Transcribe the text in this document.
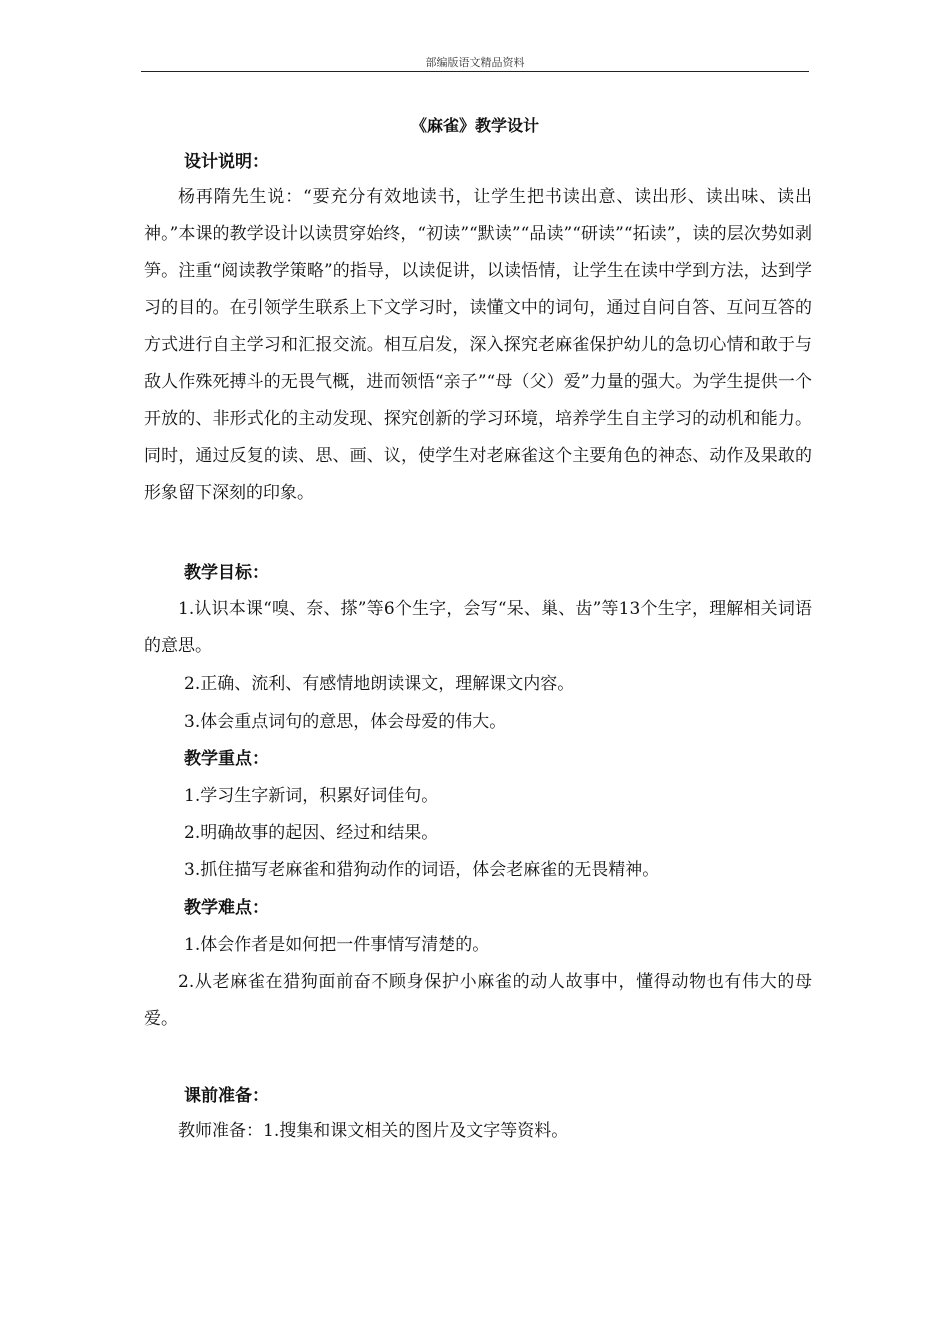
部编版语文精品资料
《麻雀》教学设计
设计说明：

杨再隋先生说：“要充分有效地读书，让学生把书读出意、读出形、读出味、读出神。”本课的教学设计以读贯穿始终，“初读”“默读”“品读”“研读”“拓读”，读的层次势如剥笋。注重“阅读教学策略”的指导，以读促讲，以读悟情，让学生在读中学到方法，达到学习的目的。在引领学生联系上下文学习时，读懂文中的词句，通过自问自答、互问互答的方式进行自主学习和汇报交流。相互启发，深入探究老麻雀保护幼儿的急切心情和敢于与敌人作殊死搏斗的无畏气概，进而领悟“亲子”“母（父）爱”力量的强大。为学生提供一个开放的、非形式化的主动发现、探究创新的学习环境，培养学生自主学习的动机和能力。同时，通过反复的读、思、画、议，使学生对老麻雀这个主要角色的神态、动作及果敢的形象留下深刻的印象。

教学目标：

1.认识本课“嗅、奈、搽”等6个生字，会写“呆、巢、齿”等13个生字，理解相关词语的意思。

2.正确、流利、有感情地朗读课文，理解课文内容。
3.体会重点词句的意思，体会母爱的伟大。
教学重点：
1.学习生字新词，积累好词佳句。
2.明确故事的起因、经过和结果。
3.抓住描写老麻雀和猎狗动作的词语，体会老麻雀的无畏精神。
教学难点：
1.体会作者是如何把一件事情写清楚的。

2.从老麻雀在猎狗面前奋不顾身保护小麻雀的动人故事中，懂得动物也有伟大的母爱。

课前准备：

教师准备：1.搜集和课文相关的图片及文字等资料。
